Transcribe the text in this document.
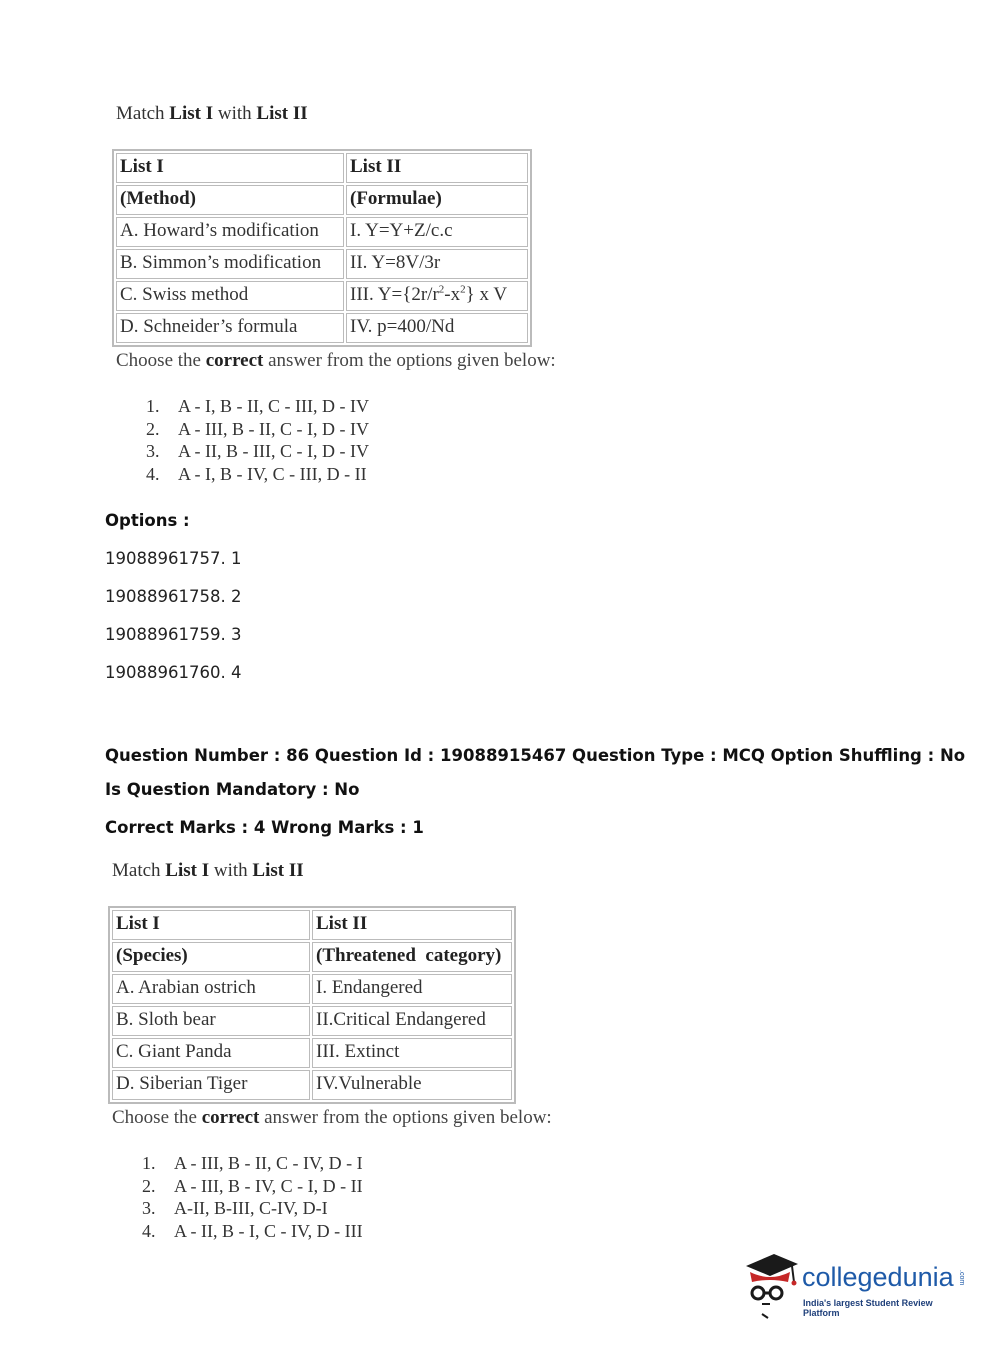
Match List I with List II
List I	List II
(Method)	(Formulae)
A. Howard’s modification	I. Y=Y+Z/c.c
B. Simmon’s modification	II. Y=8V/3r
C. Swiss method	III. $Y=\{2r/r^2-x^2\}$ x V
D. Schneider’s formula	IV. p=400/Nd
Choose the correct answer from the options given below:
1. A - I, B - II, C - III, D - IV
2. A - III, B - II, C - I, D - IV
3. A - II, B - III, C - I, D - IV
4. A - I, B - IV, C - III, D - II
Options :
19088961757. 1
19088961758. 2
19088961759. 3
19088961760. 4
Question Number : 86 Question Id : 19088915467 Question Type : MCQ Option Shuffling : No
Is Question Mandatory : No
Correct Marks : 4 Wrong Marks : 1
Match List I with List II
List I	List II
(Species)	(Threatened  category)
A. Arabian ostrich	I. Endangered
B. Sloth bear	II.Critical Endangered
C. Giant Panda	III. Extinct
D. Siberian Tiger	IV.Vulnerable
Choose the correct answer from the options given below:
1. A - III, B - II, C - IV, D - I
2. A - III, B - IV, C - I, D - II
3. A-II, B-III, C-IV, D-I
4. A - II, B - I, C - IV, D - III
collegedunia .com
India's largest Student Review Platform
